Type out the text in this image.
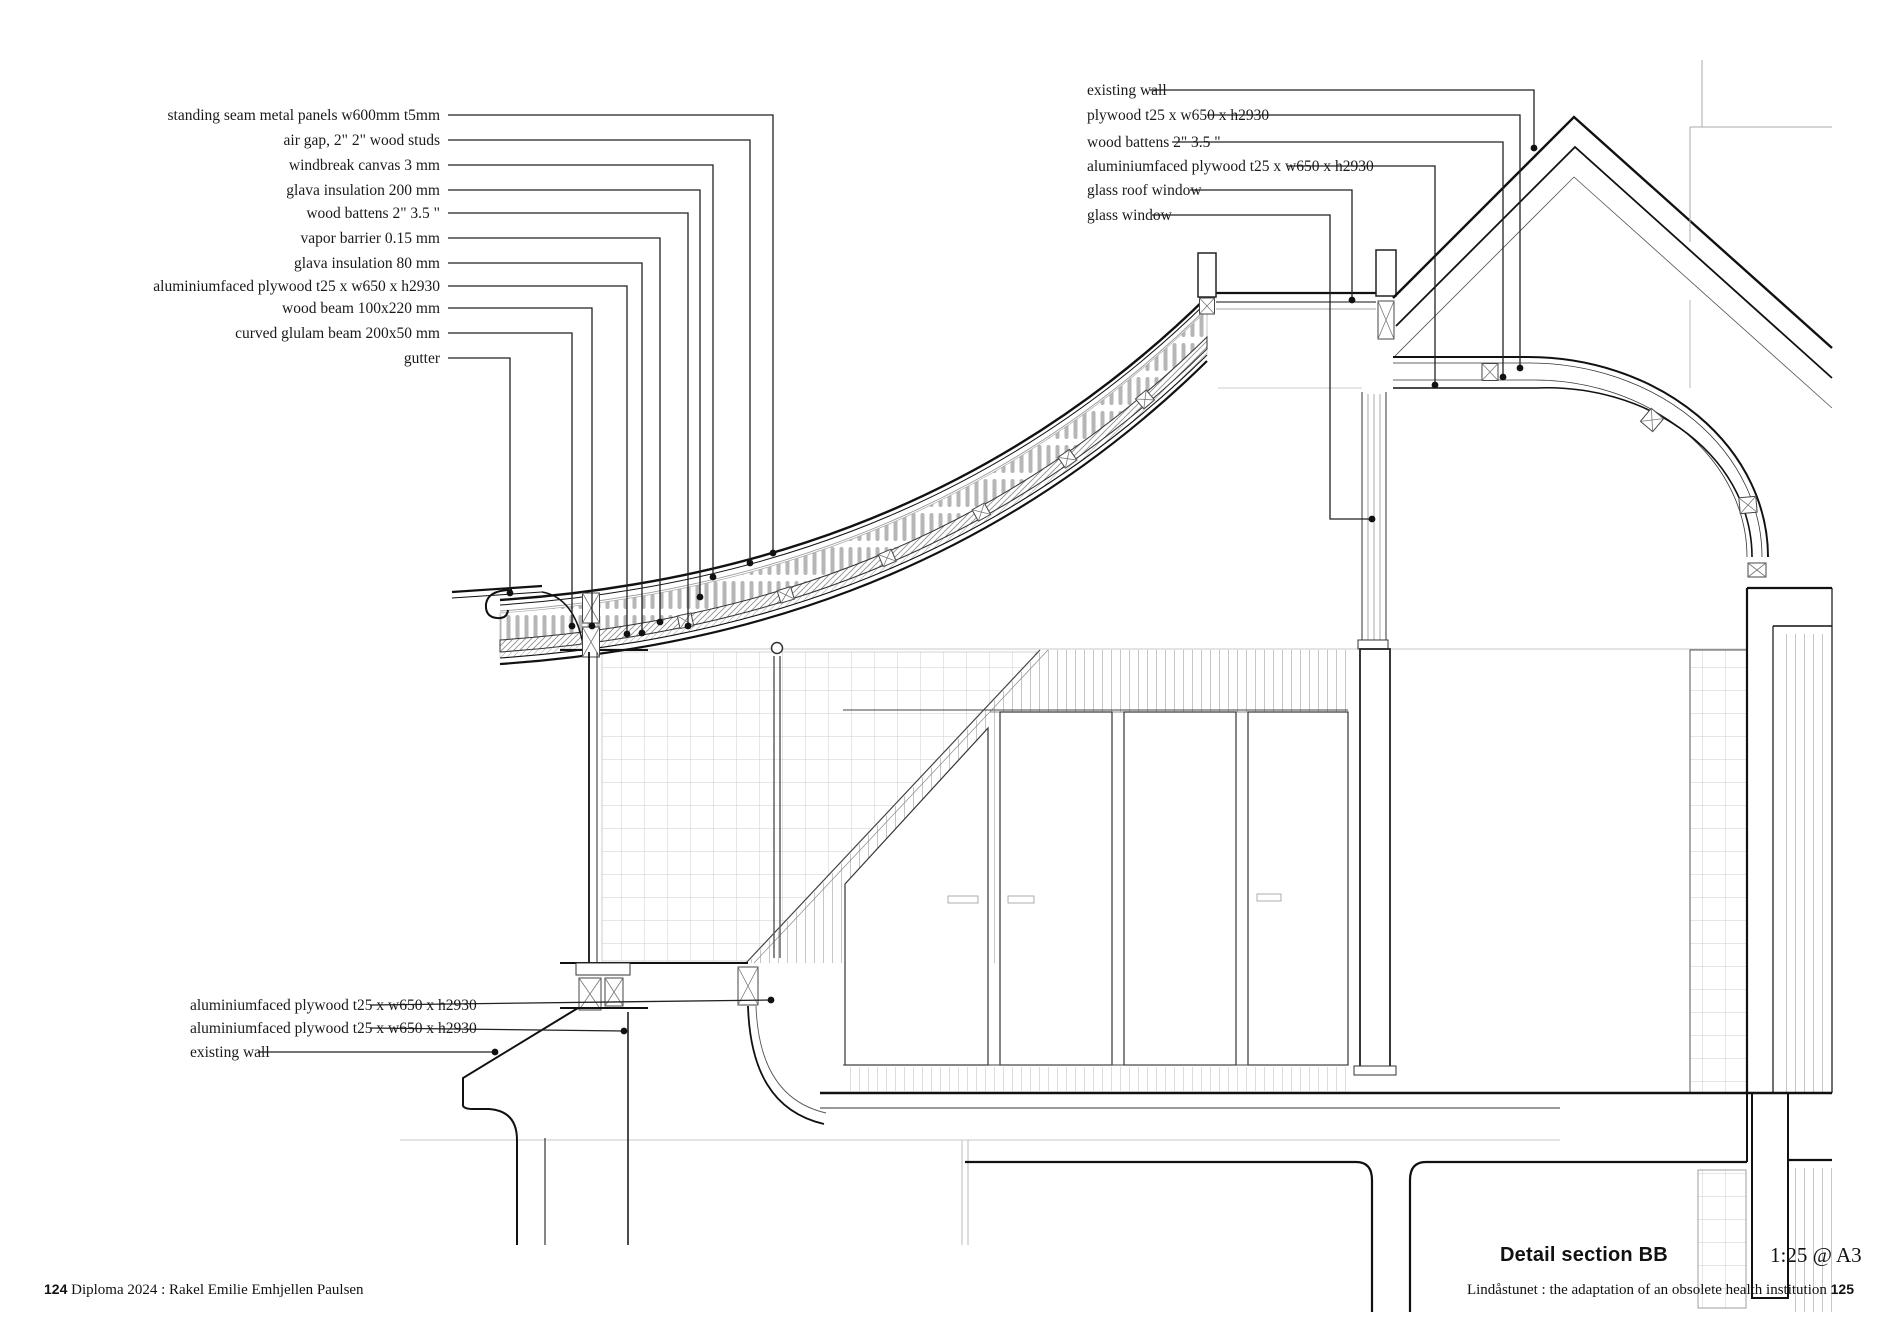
standing seam metal panels w600mm t5mm
air gap, 2" 2" wood studs
windbreak canvas 3 mm
glava insulation 200 mm
wood battens 2" 3.5 "
vapor barrier 0.15 mm
glava insulation 80 mm
aluminiumfaced plywood t25 x w650 x h2930
wood beam 100x220 mm
curved glulam beam 200x50 mm
gutter
existing wall
plywood t25 x w650 x h2930
wood battens 2" 3.5 "
aluminiumfaced plywood t25 x w650 x h2930
glass roof window
glass window
aluminiumfaced plywood t25 x w650 x h2930
aluminiumfaced plywood t25 x w650 x h2930
existing wall
Detail section BB	1:25 @ A3
124 Diploma 2024 : Rakel Emilie Emhjellen Paulsen	Lindåstunet : the adaptation of an obsolete health institution 125
